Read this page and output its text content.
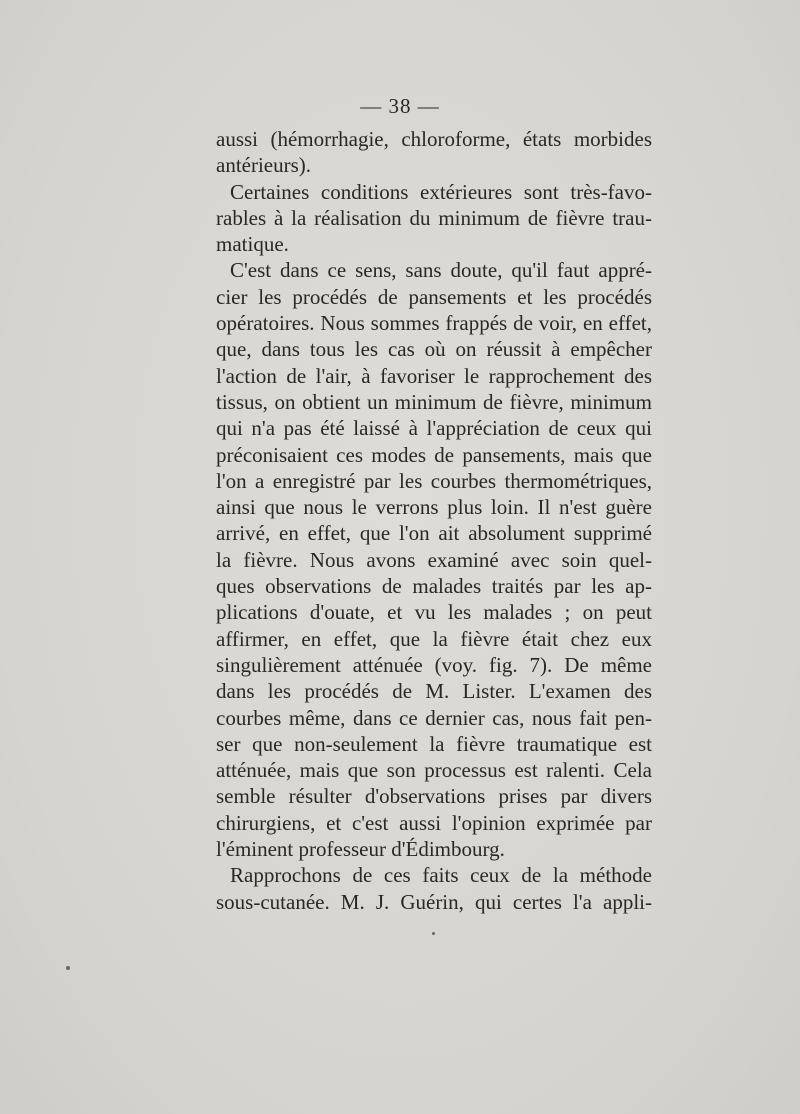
— 38 —
aussi (hémorrhagie, chloroforme, états morbides
antérieurs).
Certaines conditions extérieures sont très-favo-
rables à la réalisation du minimum de fièvre trau-
matique.
C'est dans ce sens, sans doute, qu'il faut appré-
cier les procédés de pansements et les procédés
opératoires. Nous sommes frappés de voir, en effet,
que, dans tous les cas où on réussit à empêcher
l'action de l'air, à favoriser le rapprochement des
tissus, on obtient un minimum de fièvre, minimum
qui n'a pas été laissé à l'appréciation de ceux qui
préconisaient ces modes de pansements, mais que
l'on a enregistré par les courbes thermométriques,
ainsi que nous le verrons plus loin. Il n'est guère
arrivé, en effet, que l'on ait absolument supprimé
la fièvre. Nous avons examiné avec soin quel-
ques observations de malades traités par les ap-
plications d'ouate, et vu les malades ; on peut
affirmer, en effet, que la fièvre était chez eux
singulièrement atténuée (voy. fig. 7). De même
dans les procédés de M. Lister. L'examen des
courbes même, dans ce dernier cas, nous fait pen-
ser que non-seulement la fièvre traumatique est
atténuée, mais que son processus est ralenti. Cela
semble résulter d'observations prises par divers
chirurgiens, et c'est aussi l'opinion exprimée par
l'éminent professeur d'Édimbourg.
Rapprochons de ces faits ceux de la méthode
sous-cutanée. M. J. Guérin, qui certes l'a appli-
